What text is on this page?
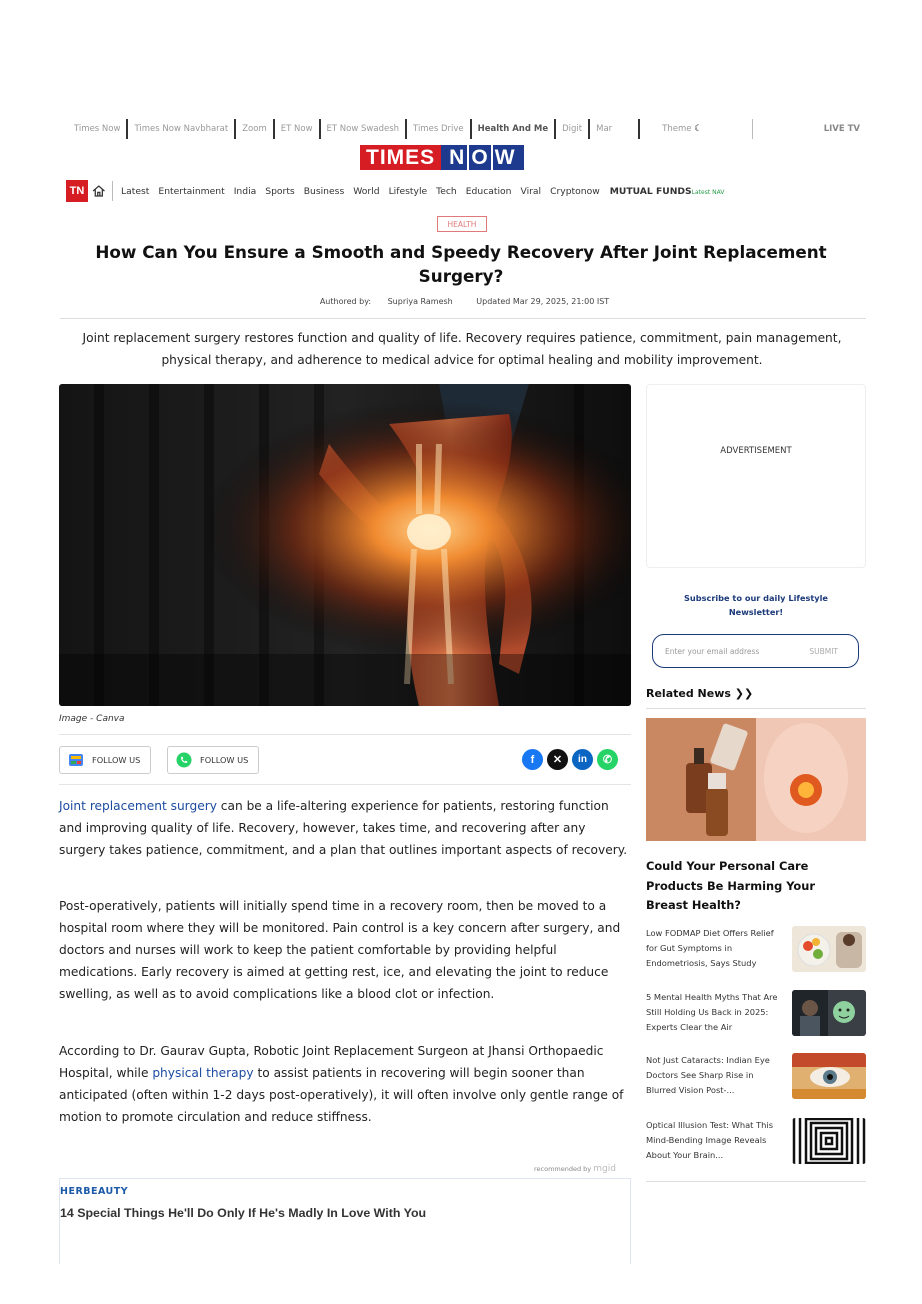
Times Now	Times Now Navbharat	Zoom	ET Now	ET Now Swadesh	Times Drive	Health And Me	Digit	Mar	Theme ☾	LIVE TV
TIMES N O W
TN	Latest Entertainment India Sports Business World Lifestyle Tech Education Viral Cryptonow MUTUAL FUNDSLatest NAV
HEALTH
How Can You Ensure a Smooth and Speedy Recovery After Joint Replacement Surgery?
Authored by: Supriya Ramesh	Updated Mar 29, 2025, 21:00 IST

Joint replacement surgery restores function and quality of life. Recovery requires patience, commitment, pain management, physical therapy, and adherence to medical advice for optimal healing and mobility improvement.

Image - Canva
FOLLOW US	FOLLOW US	f	✕	in	✆

Joint replacement surgery can be a life-altering experience for patients, restoring function and improving quality of life. Recovery, however, takes time, and recovering after any surgery takes patience, commitment, and a plan that outlines important aspects of recovery.

Post-operatively, patients will initially spend time in a recovery room, then be moved to a hospital room where they will be monitored. Pain control is a key concern after surgery, and doctors and nurses will work to keep the patient comfortable by providing helpful medications. Early recovery is aimed at getting rest, ice, and elevating the joint to reduce swelling, as well as to avoid complications like a blood clot or infection.

According to Dr. Gaurav Gupta, Robotic Joint Replacement Surgeon at Jhansi Orthopaedic Hospital, while physical therapy to assist patients in recovering will begin sooner than anticipated (often within 1-2 days post-operatively), it will often involve only gentle range of motion to promote circulation and reduce stiffness.

recommended by mgid
HERBEAUTY
14 Special Things He'll Do Only If He's Madly In Love With You
ADVERTISEMENT
Subscribe to our daily Lifestyle Newsletter!
Enter your email address	SUBMIT
Related News ❯❯
Could Your Personal Care Products Be Harming Your Breast Health?
Low FODMAP Diet Offers Relief for Gut Symptoms in Endometriosis, Says Study
5 Mental Health Myths That Are Still Holding Us Back in 2025: Experts Clear the Air
Not Just Cataracts: Indian Eye Doctors See Sharp Rise in Blurred Vision Post-...
Optical Illusion Test: What This Mind-Bending Image Reveals About Your Brain...
